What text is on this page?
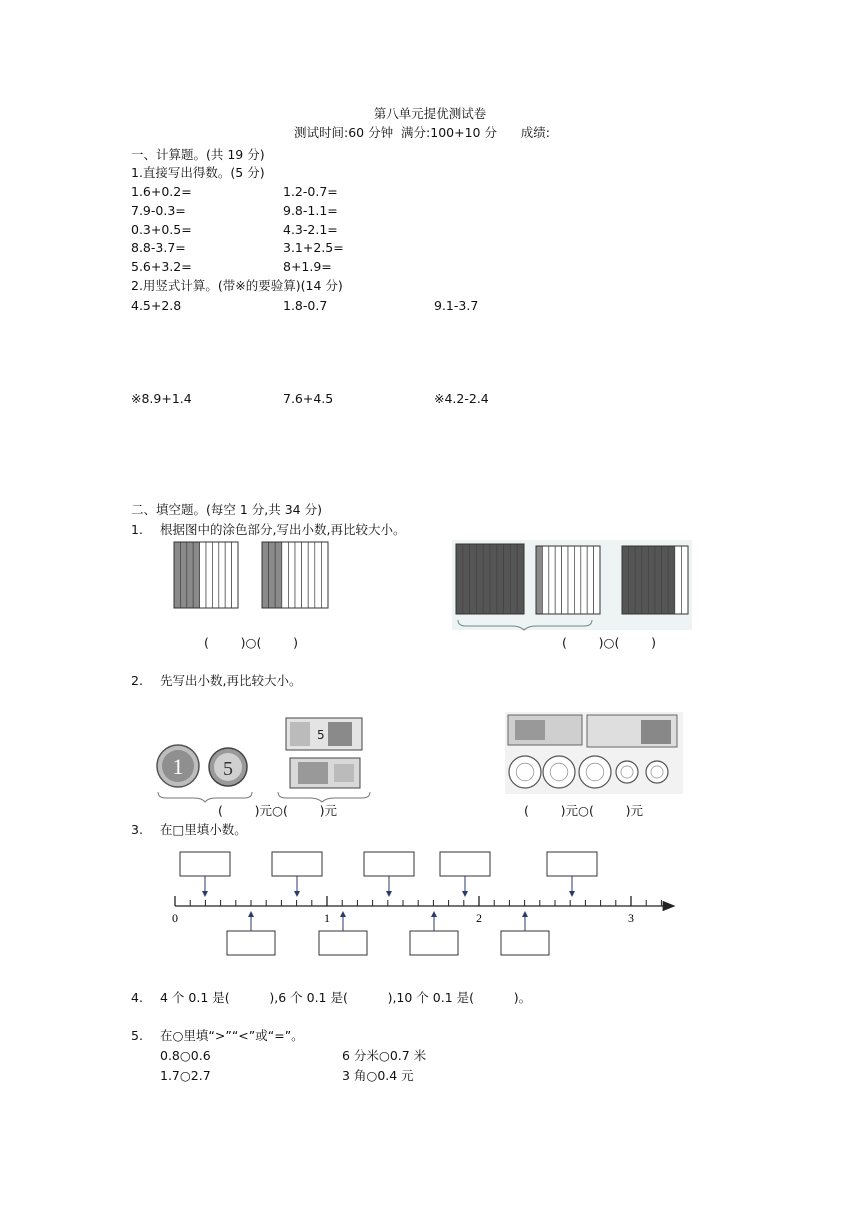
第八单元提优测试卷
测试时间:60 分钟  满分:100+10 分      成绩:
一、计算题。(共 19 分)
1.直接写出得数。(5 分)
1.6+0.2=	1.2-0.7=
7.9-0.3=	9.8-1.1=
0.3+0.5=	4.3-2.1=
8.8-3.7=	3.1+2.5=
5.6+3.2=	8+1.9=
2.用竖式计算。(带※的要验算)(14 分)
4.5+2.8	1.8-0.7	9.1-3.7
※8.9+1.4	7.6+4.5	※4.2-2.4
二、填空题。(每空 1 分,共 34 分)
1. 根据图中的涂色部分,写出小数,再比较大小。
(        )○(        )	(        )○(        )
2. 先写出小数,再比较大小。
1 5
5
(        )元○(        )元	(        )元○(        )元
3. 在□里填小数。
0	1	2	3
4. 4 个 0.1 是(          ),6 个 0.1 是(          ),10 个 0.1 是(          )。
5. 在○里填“>”“<”或“=”。
0.8○0.6	6 分米○0.7 米
1.7○2.7	3 角○0.4 元
